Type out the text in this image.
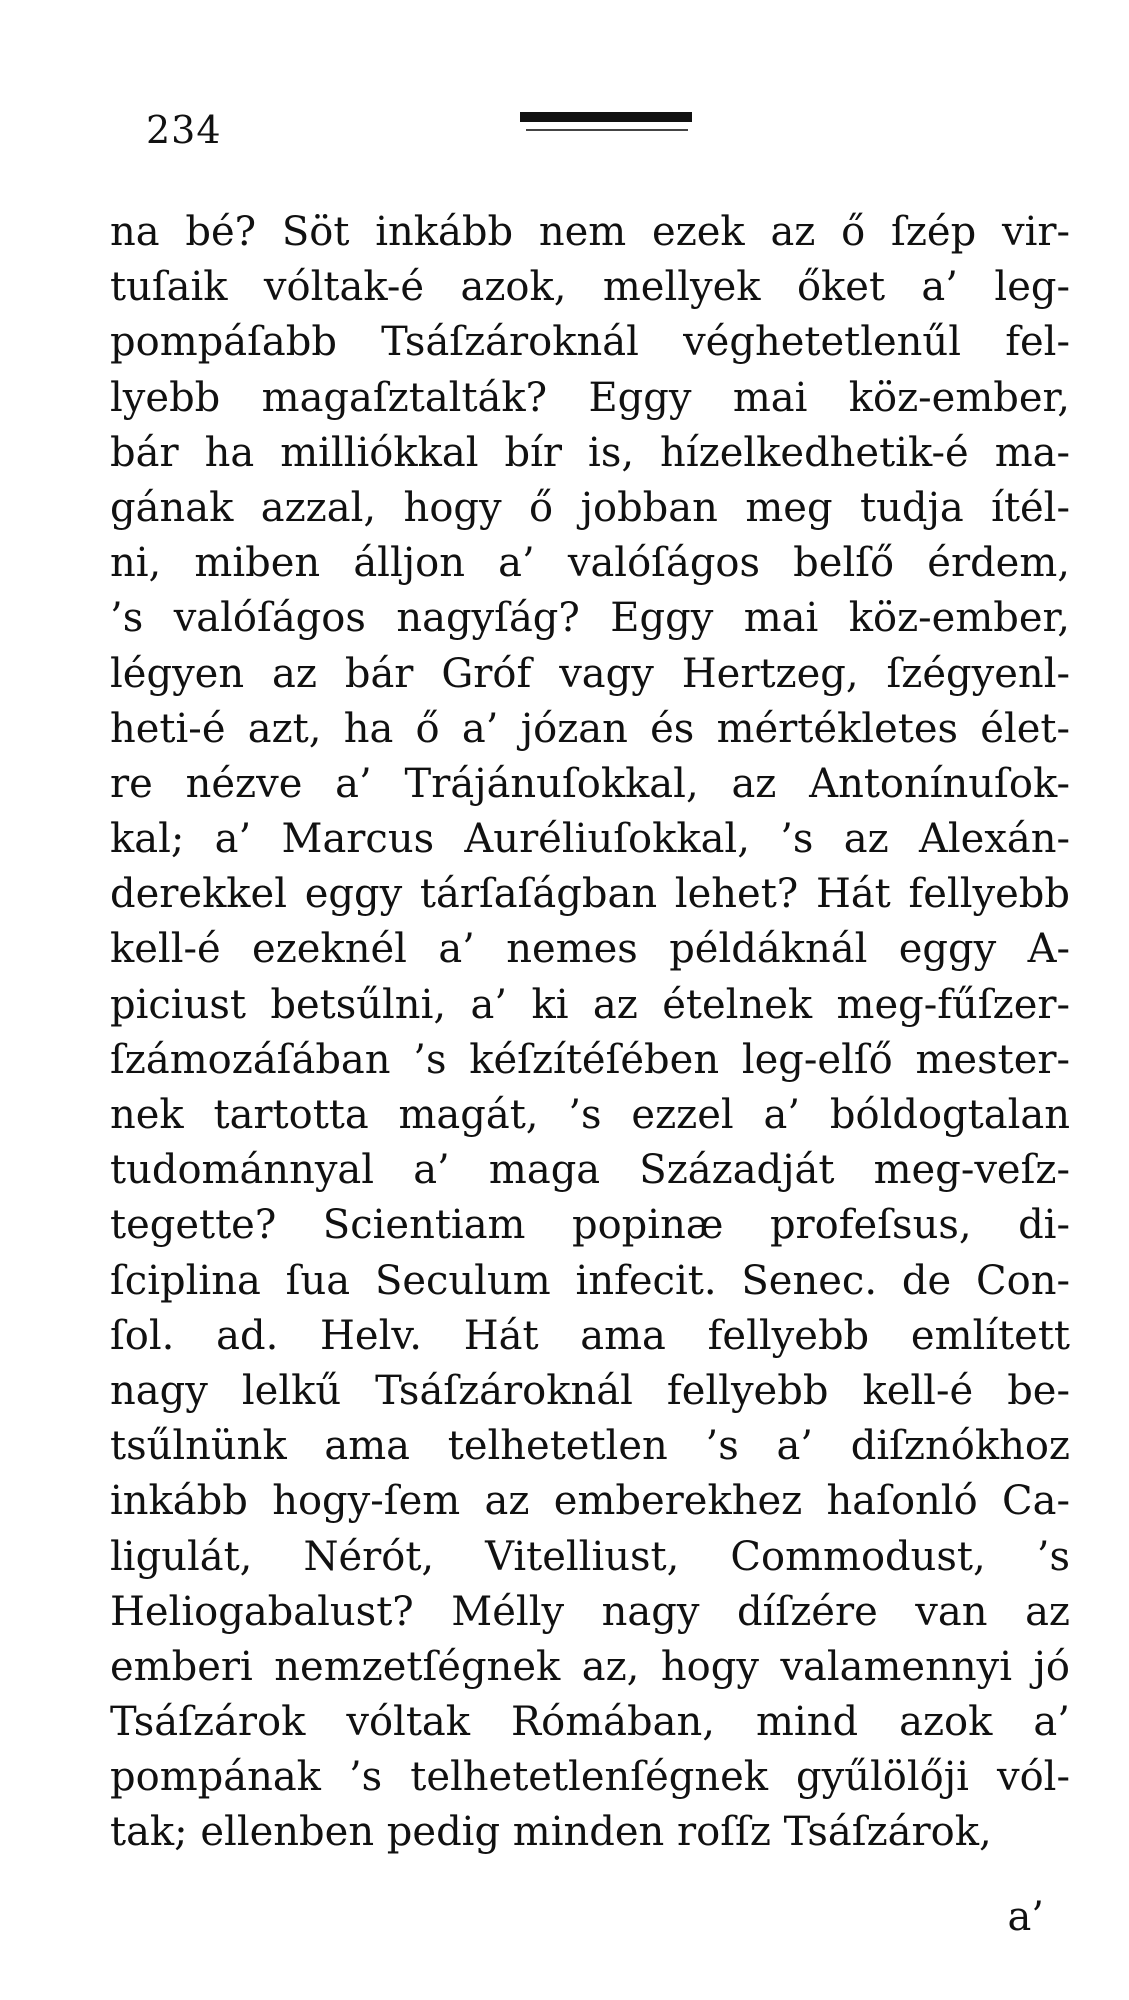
234
na bé? Söt inkább nem ezek az ő ſzép vir-
tuſaik vóltak-é azok, mellyek őket a’ leg-
pompáſabb Tsáſzároknál véghetetlenűl fel-
lyebb magaſztalták? Eggy mai köz-ember,
bár ha milliókkal bír is, hízelkedhetik-é ma-
gának azzal, hogy ő jobban meg tudja ítél-
ni, miben álljon a’ valóſágos belſő érdem,
’s valóſágos nagyſág? Eggy mai köz-ember,
légyen az bár Gróf vagy Hertzeg, ſzégyenl-
heti-é azt, ha ő a’ józan és mértékletes élet-
re nézve a’ Trájánuſokkal, az Antonínuſok-
kal; a’ Marcus Auréliuſokkal, ’s az Alexán-
derekkel eggy tárſaſágban lehet? Hát fellyebb
kell-é ezeknél a’ nemes példáknál eggy A-
piciust betsűlni, a’ ki az ételnek meg-fűſzer-
ſzámozáſában ’s kéſzítéſében leg-elſő mester-
nek tartotta magát, ’s ezzel a’ bóldogtalan
tudománnyal a’ maga Századját meg-veſz-
tegette? Scientiam popinæ profeſsus, di-
ſciplina ſua Seculum infecit. Senec. de Con-
ſol. ad. Helv. Hát ama fellyebb említett
nagy lelkű Tsáſzároknál fellyebb kell-é be-
tsűlnünk ama telhetetlen ’s a’ diſznókhoz
inkább hogy-ſem az emberekhez haſonló Ca-
ligulát, Nérót, Vitelliust, Commodust, ’s
Heliogabalust? Mélly nagy díſzére van az
emberi nemzetſégnek az, hogy valamennyi jó
Tsáſzárok vóltak Rómában, mind azok a’
pompának ’s telhetetlenſégnek gyűlölőji vól-
tak; ellenben pedig minden roſſz Tsáſzárok,
a’
